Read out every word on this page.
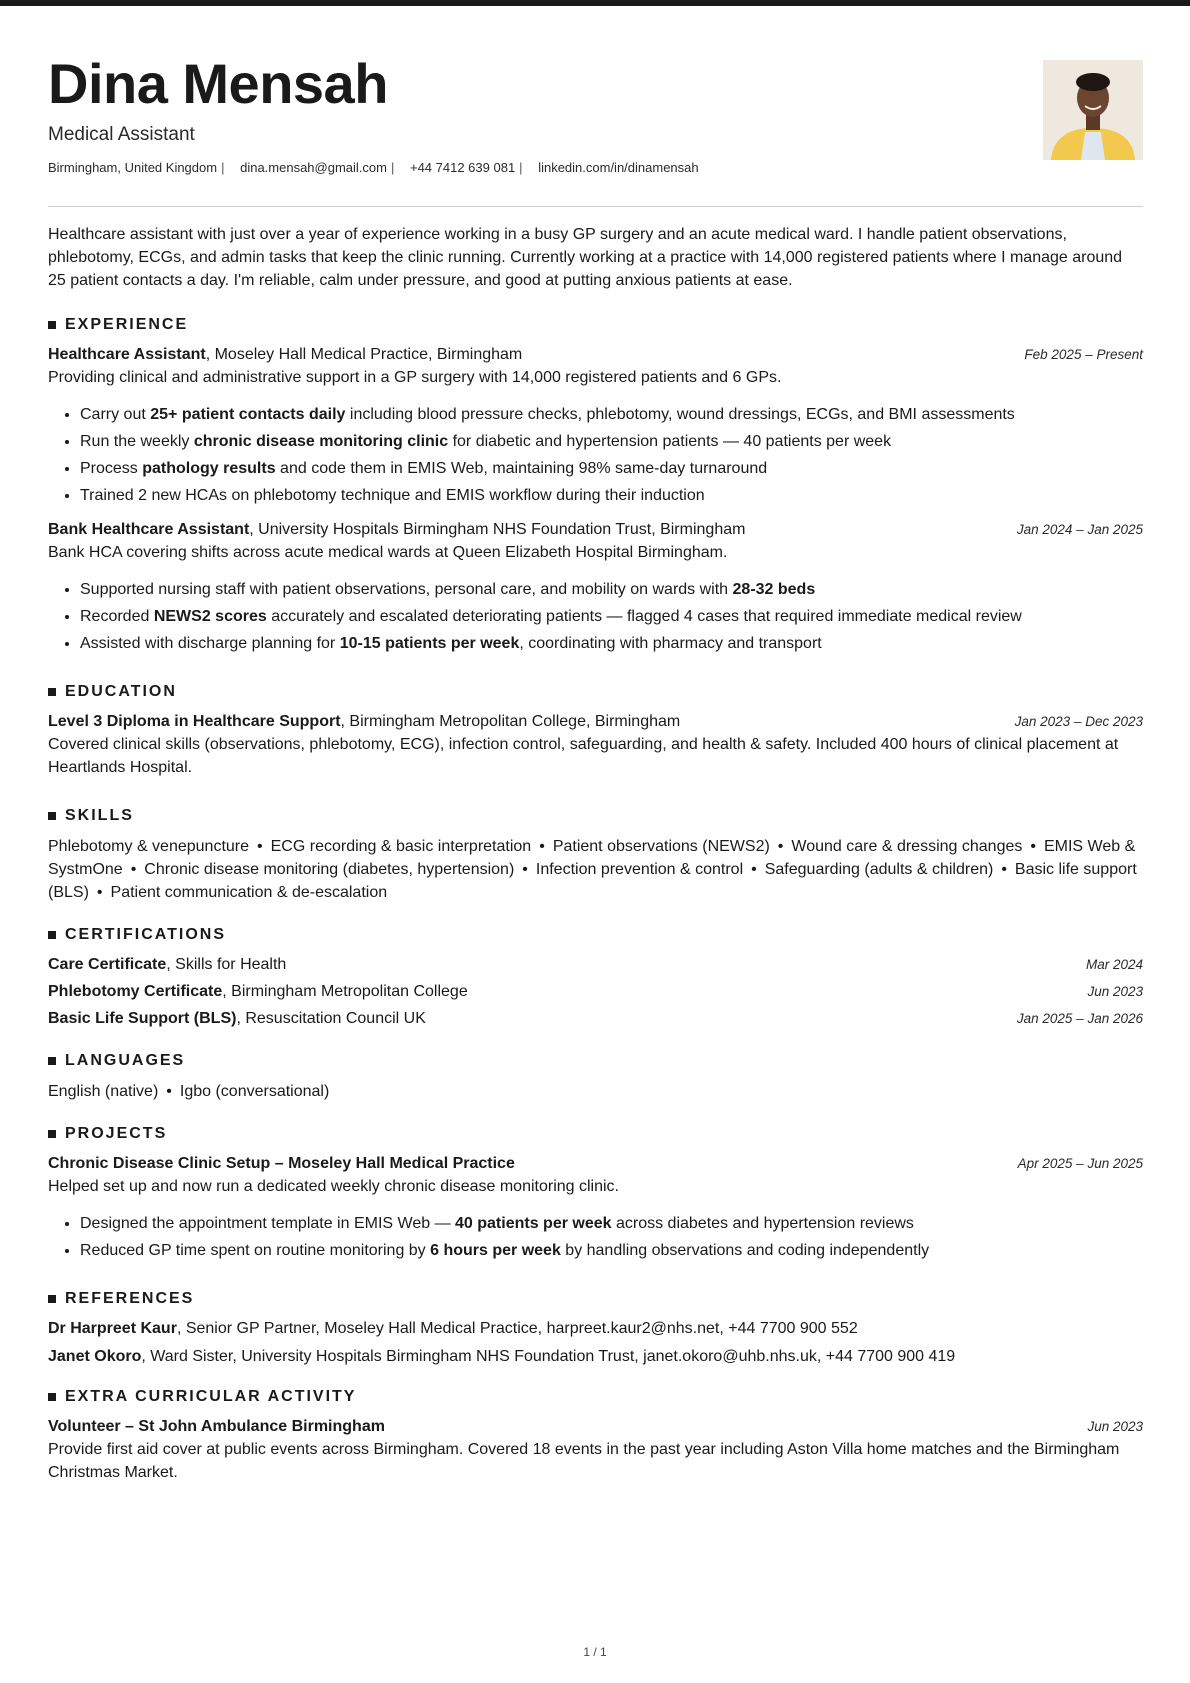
Dina Mensah
Medical Assistant
Birmingham, United Kingdom | dina.mensah@gmail.com | +44 7412 639 081 | linkedin.com/in/dinamensah
Healthcare assistant with just over a year of experience working in a busy GP surgery and an acute medical ward. I handle patient observations, phlebotomy, ECGs, and admin tasks that keep the clinic running. Currently working at a practice with 14,000 registered patients where I manage around 25 patient contacts a day. I'm reliable, calm under pressure, and good at putting anxious patients at ease.
EXPERIENCE
Healthcare Assistant, Moseley Hall Medical Practice, Birmingham	Feb 2025 – Present
Providing clinical and administrative support in a GP surgery with 14,000 registered patients and 6 GPs.
• Carry out 25+ patient contacts daily including blood pressure checks, phlebotomy, wound dressings, ECGs, and BMI assessments
• Run the weekly chronic disease monitoring clinic for diabetic and hypertension patients — 40 patients per week
• Process pathology results and code them in EMIS Web, maintaining 98% same-day turnaround
• Trained 2 new HCAs on phlebotomy technique and EMIS workflow during their induction
Bank Healthcare Assistant, University Hospitals Birmingham NHS Foundation Trust, Birmingham	Jan 2024 – Jan 2025
Bank HCA covering shifts across acute medical wards at Queen Elizabeth Hospital Birmingham.
• Supported nursing staff with patient observations, personal care, and mobility on wards with 28-32 beds
• Recorded NEWS2 scores accurately and escalated deteriorating patients — flagged 4 cases that required immediate medical review
• Assisted with discharge planning for 10-15 patients per week, coordinating with pharmacy and transport
EDUCATION
Level 3 Diploma in Healthcare Support, Birmingham Metropolitan College, Birmingham	Jan 2023 – Dec 2023
Covered clinical skills (observations, phlebotomy, ECG), infection control, safeguarding, and health & safety. Included 400 hours of clinical placement at Heartlands Hospital.
SKILLS
Phlebotomy & venepuncture • ECG recording & basic interpretation • Patient observations (NEWS2) • Wound care & dressing changes • EMIS Web & SystmOne • Chronic disease monitoring (diabetes, hypertension) • Infection prevention & control • Safeguarding (adults & children) • Basic life support (BLS) • Patient communication & de-escalation
CERTIFICATIONS
Care Certificate, Skills for Health	Mar 2024
Phlebotomy Certificate, Birmingham Metropolitan College	Jun 2023
Basic Life Support (BLS), Resuscitation Council UK	Jan 2025 – Jan 2026
LANGUAGES
English (native) • Igbo (conversational)
PROJECTS
Chronic Disease Clinic Setup – Moseley Hall Medical Practice	Apr 2025 – Jun 2025
Helped set up and now run a dedicated weekly chronic disease monitoring clinic.
• Designed the appointment template in EMIS Web — 40 patients per week across diabetes and hypertension reviews
• Reduced GP time spent on routine monitoring by 6 hours per week by handling observations and coding independently
REFERENCES
Dr Harpreet Kaur, Senior GP Partner, Moseley Hall Medical Practice, harpreet.kaur2@nhs.net, +44 7700 900 552
Janet Okoro, Ward Sister, University Hospitals Birmingham NHS Foundation Trust, janet.okoro@uhb.nhs.uk, +44 7700 900 419
EXTRA CURRICULAR ACTIVITY
Volunteer – St John Ambulance Birmingham	Jun 2023
Provide first aid cover at public events across Birmingham. Covered 18 events in the past year including Aston Villa home matches and the Birmingham Christmas Market.
1 / 1
